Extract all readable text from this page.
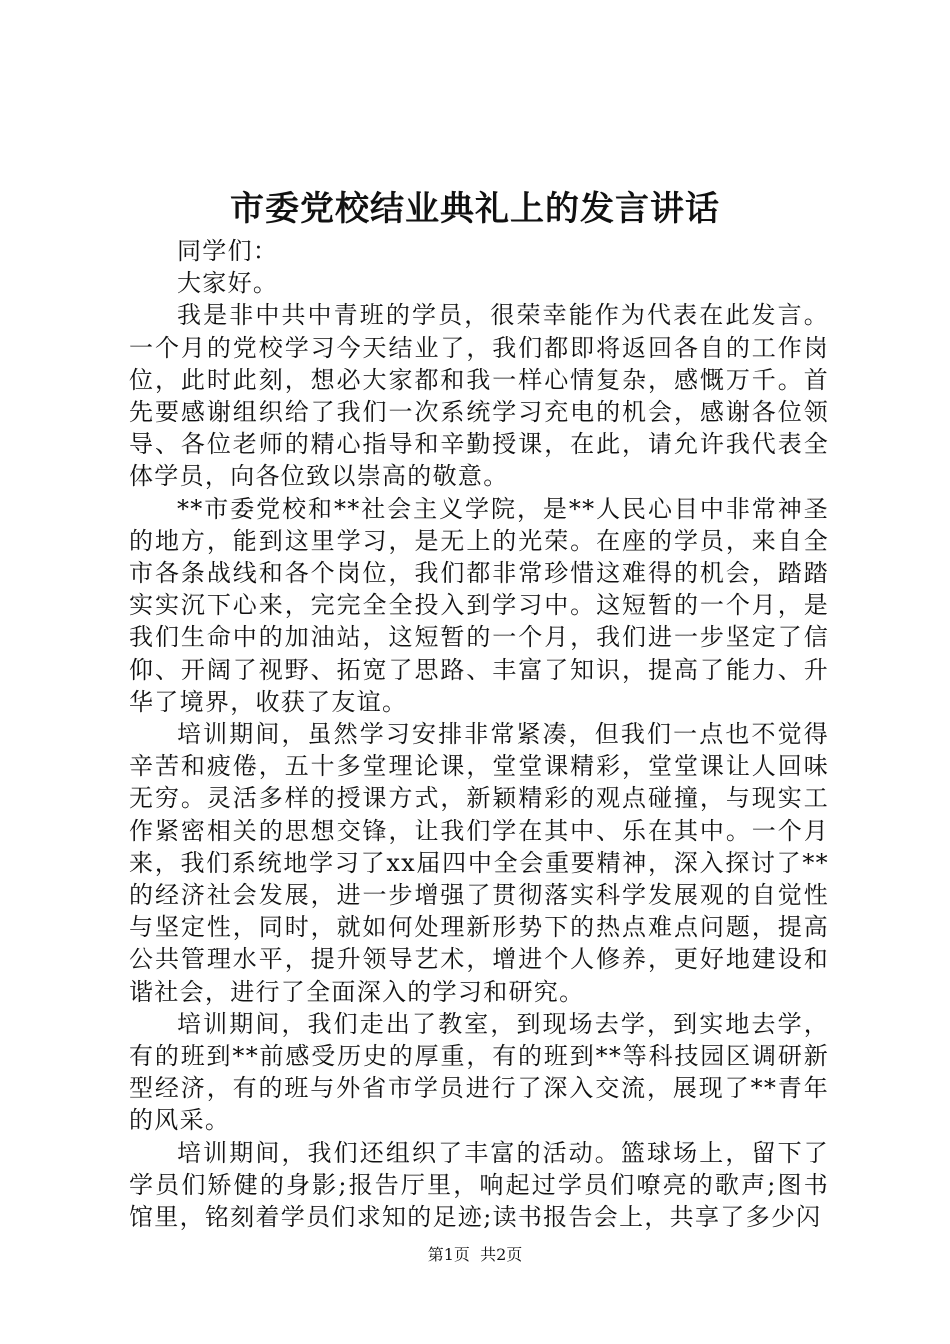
市委党校结业典礼上的发言讲话

同学们：

大家好。

我是非中共中青班的学员，很荣幸能作为代表在此发言。一个月的党校学习今天结业了，我们都即将返回各自的工作岗位，此时此刻，想必大家都和我一样心情复杂，感慨万千。首先要感谢组织给了我们一次系统学习充电的机会，感谢各位领导、各位老师的精心指导和辛勤授课，在此，请允许我代表全体学员，向各位致以崇高的敬意。

**市委党校和**社会主义学院，是**人民心目中非常神圣的地方，能到这里学习，是无上的光荣。在座的学员，来自全市各条战线和各个岗位，我们都非常珍惜这难得的机会，踏踏实实沉下心来，完完全全投入到学习中。这短暂的一个月，是我们生命中的加油站，这短暂的一个月，我们进一步坚定了信仰、开阔了视野、拓宽了思路、丰富了知识，提高了能力、升华了境界，收获了友谊。

培训期间，虽然学习安排非常紧凑，但我们一点也不觉得辛苦和疲倦，五十多堂理论课，堂堂课精彩，堂堂课让人回味无穷。灵活多样的授课方式，新颖精彩的观点碰撞，与现实工作紧密相关的思想交锋，让我们学在其中、乐在其中。一个月来，我们系统地学习了xx届四中全会重要精神，深入探讨了**的经济社会发展，进一步增强了贯彻落实科学发展观的自觉性与坚定性，同时，就如何处理新形势下的热点难点问题，提高公共管理水平，提升领导艺术，增进个人修养，更好地建设和谐社会，进行了全面深入的学习和研究。

培训期间，我们走出了教室，到现场去学，到实地去学，有的班到**前感受历史的厚重，有的班到**等科技园区调研新型经济，有的班与外省市学员进行了深入交流，展现了**青年的风采。

培训期间，我们还组织了丰富的活动。篮球场上，留下了学员们矫健的身影;报告厅里，响起过学员们嘹亮的歌声;图书馆里，铭刻着学员们求知的足迹;读书报告会上，共享了多少闪

第1页  共2页
